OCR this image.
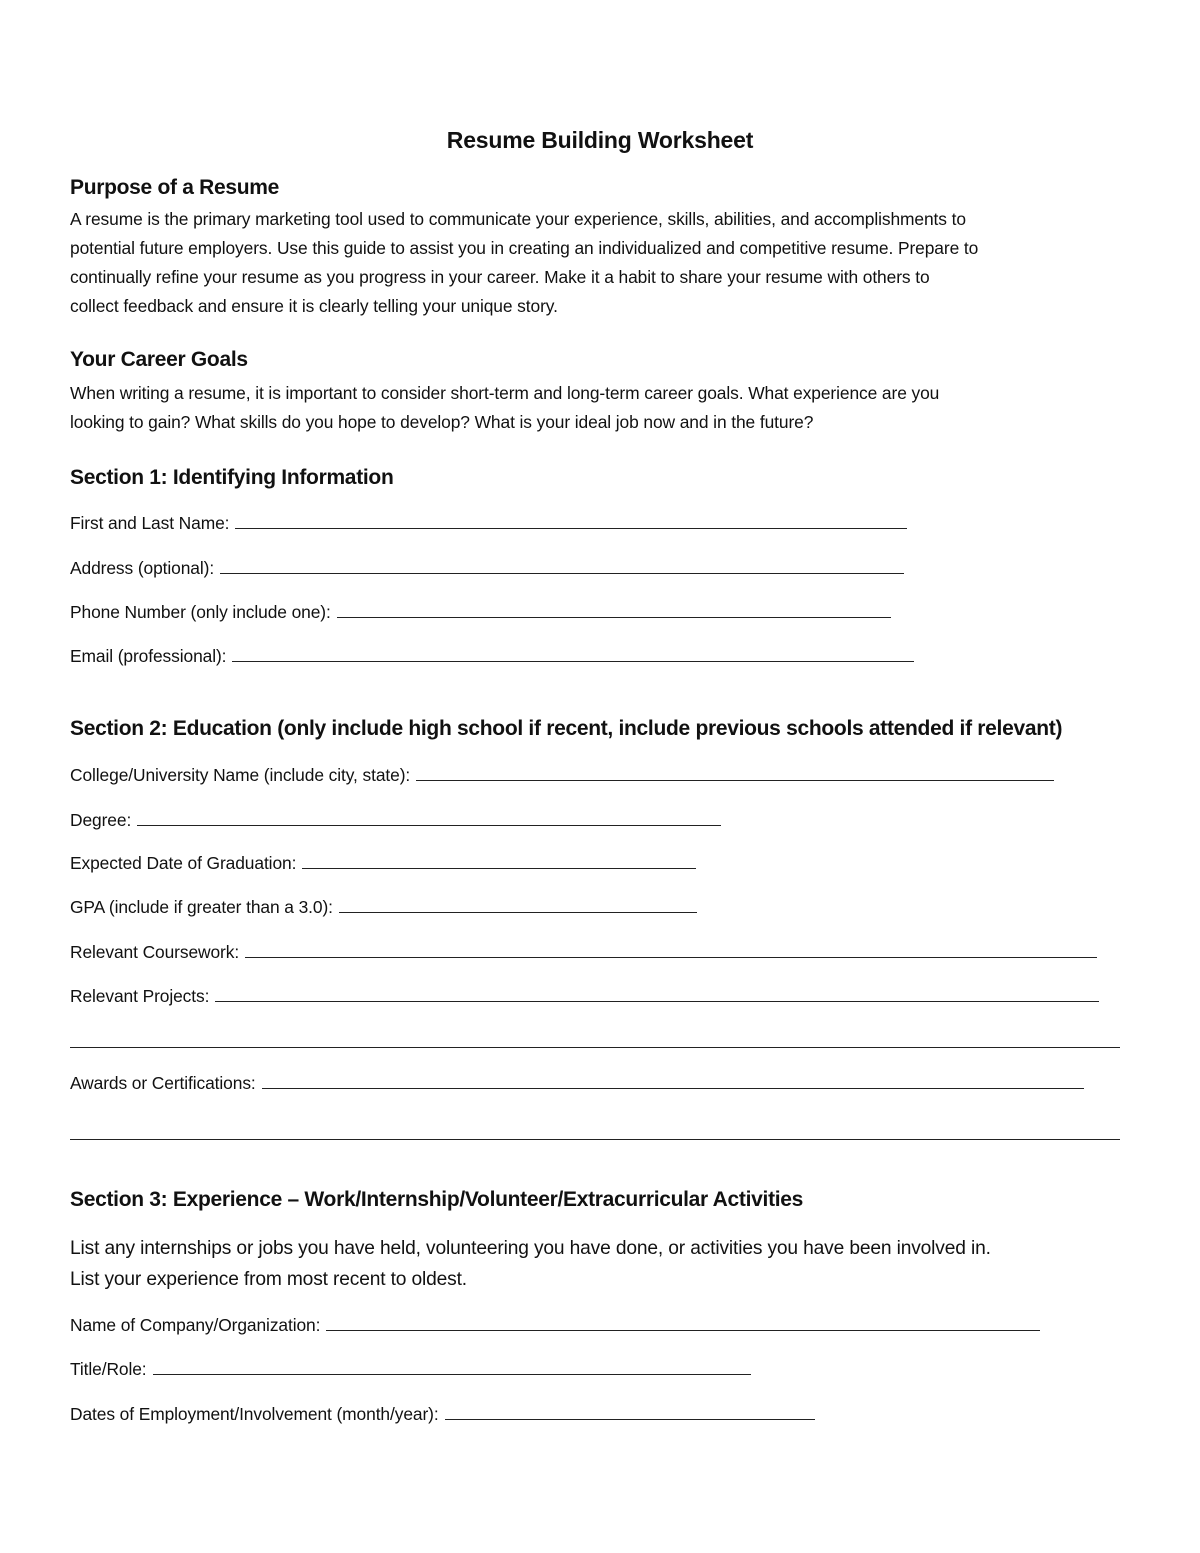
Resume Building Worksheet
Purpose of a Resume

A resume is the primary marketing tool used to communicate your experience, skills, abilities, and accomplishments to

potential future employers. Use this guide to assist you in creating an individualized and competitive resume. Prepare to

continually refine your resume as you progress in your career. Make it a habit to share your resume with others to

collect feedback and ensure it is clearly telling your unique story.

Your Career Goals

When writing a resume, it is important to consider short-term and long-term career goals. What experience are you

looking to gain? What skills do you hope to develop? What is your ideal job now and in the future?

Section 1: Identifying Information
First and Last Name:
Address (optional):
Phone Number (only include one):
Email (professional):
Section 2: Education (only include high school if recent, include previous schools attended if relevant)
College/University Name (include city, state):
Degree:
Expected Date of Graduation:
GPA (include if greater than a 3.0):
Relevant Coursework:
Relevant Projects:
Awards or Certifications:
Section 3: Experience – Work/Internship/Volunteer/Extracurricular Activities

List any internships or jobs you have held, volunteering you have done, or activities you have been involved in.

List your experience from most recent to oldest.

Name of Company/Organization:
Title/Role:
Dates of Employment/Involvement (month/year):
